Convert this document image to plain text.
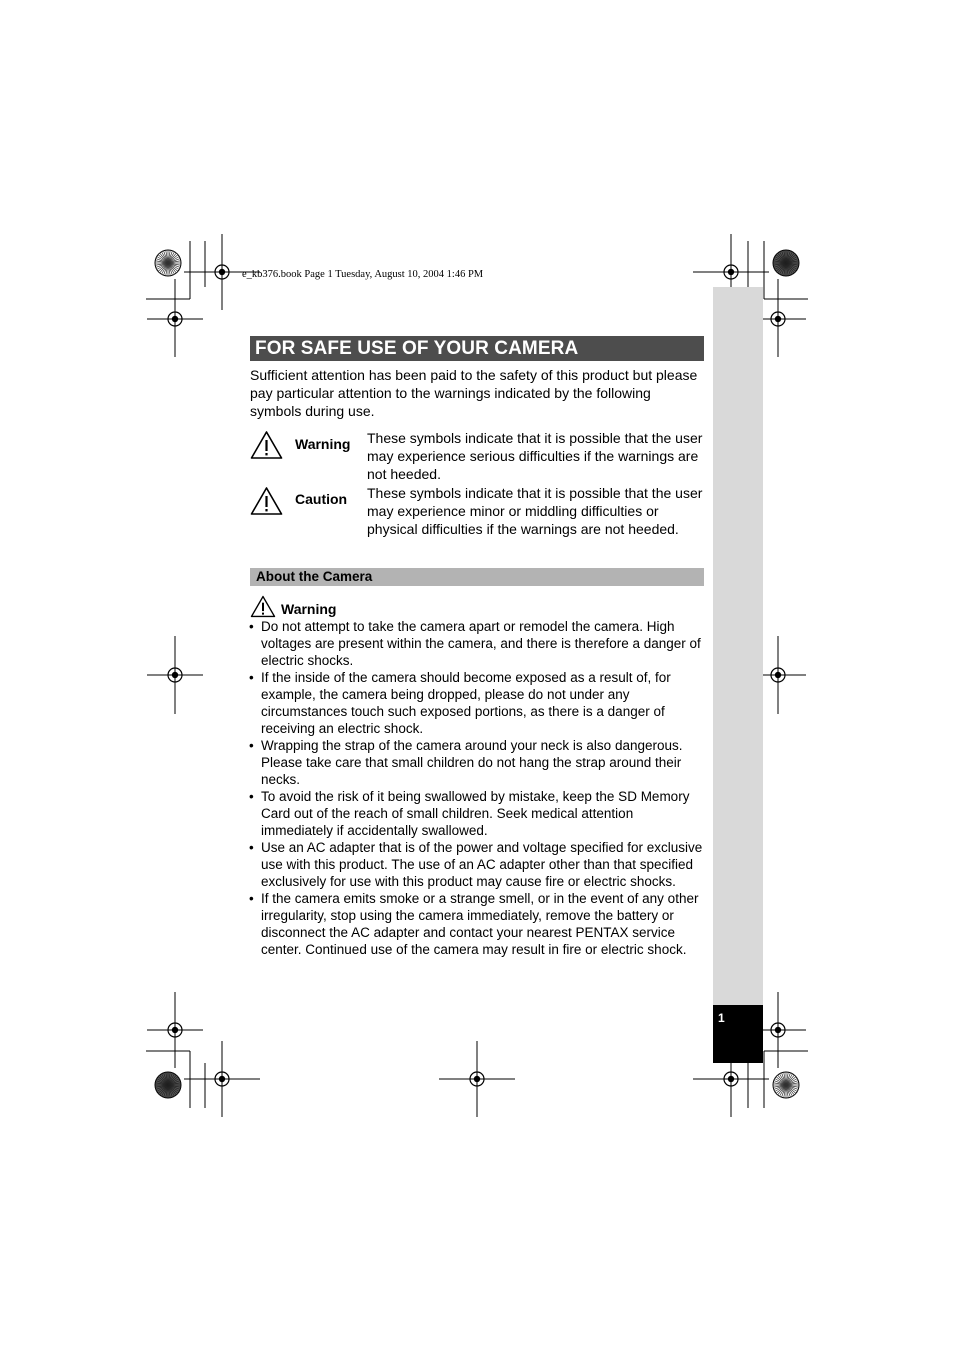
e_kb376.book Page 1 Tuesday, August 10, 2004 1:46 PM
1
FOR SAFE USE OF YOUR CAMERA
Sufficient attention has been paid to the safety of this product but please pay particular attention to the warnings indicated by the following symbols during use.
Warning These symbols indicate that it is possible that the user may experience serious difficulties if the warnings are not heeded.
Caution These symbols indicate that it is possible that the user may experience minor or middling difficulties or physical difficulties if the warnings are not heeded.
About the Camera
Warning
• Do not attempt to take the camera apart or remodel the camera. High voltages are present within the camera, and there is therefore a danger of electric shocks.
• If the inside of the camera should become exposed as a result of, for example, the camera being dropped, please do not under any circumstances touch such exposed portions, as there is a danger of receiving an electric shock.
• Wrapping the strap of the camera around your neck is also dangerous. Please take care that small children do not hang the strap around their necks.
• To avoid the risk of it being swallowed by mistake, keep the SD Memory Card out of the reach of small children. Seek medical attention immediately if accidentally swallowed.
• Use an AC adapter that is of the power and voltage specified for exclusive use with this product. The use of an AC adapter other than that specified exclusively for use with this product may cause fire or electric shocks.
• If the camera emits smoke or a strange smell, or in the event of any other irregularity, stop using the camera immediately, remove the battery or disconnect the AC adapter and contact your nearest PENTAX service center. Continued use of the camera may result in fire or electric shock.
